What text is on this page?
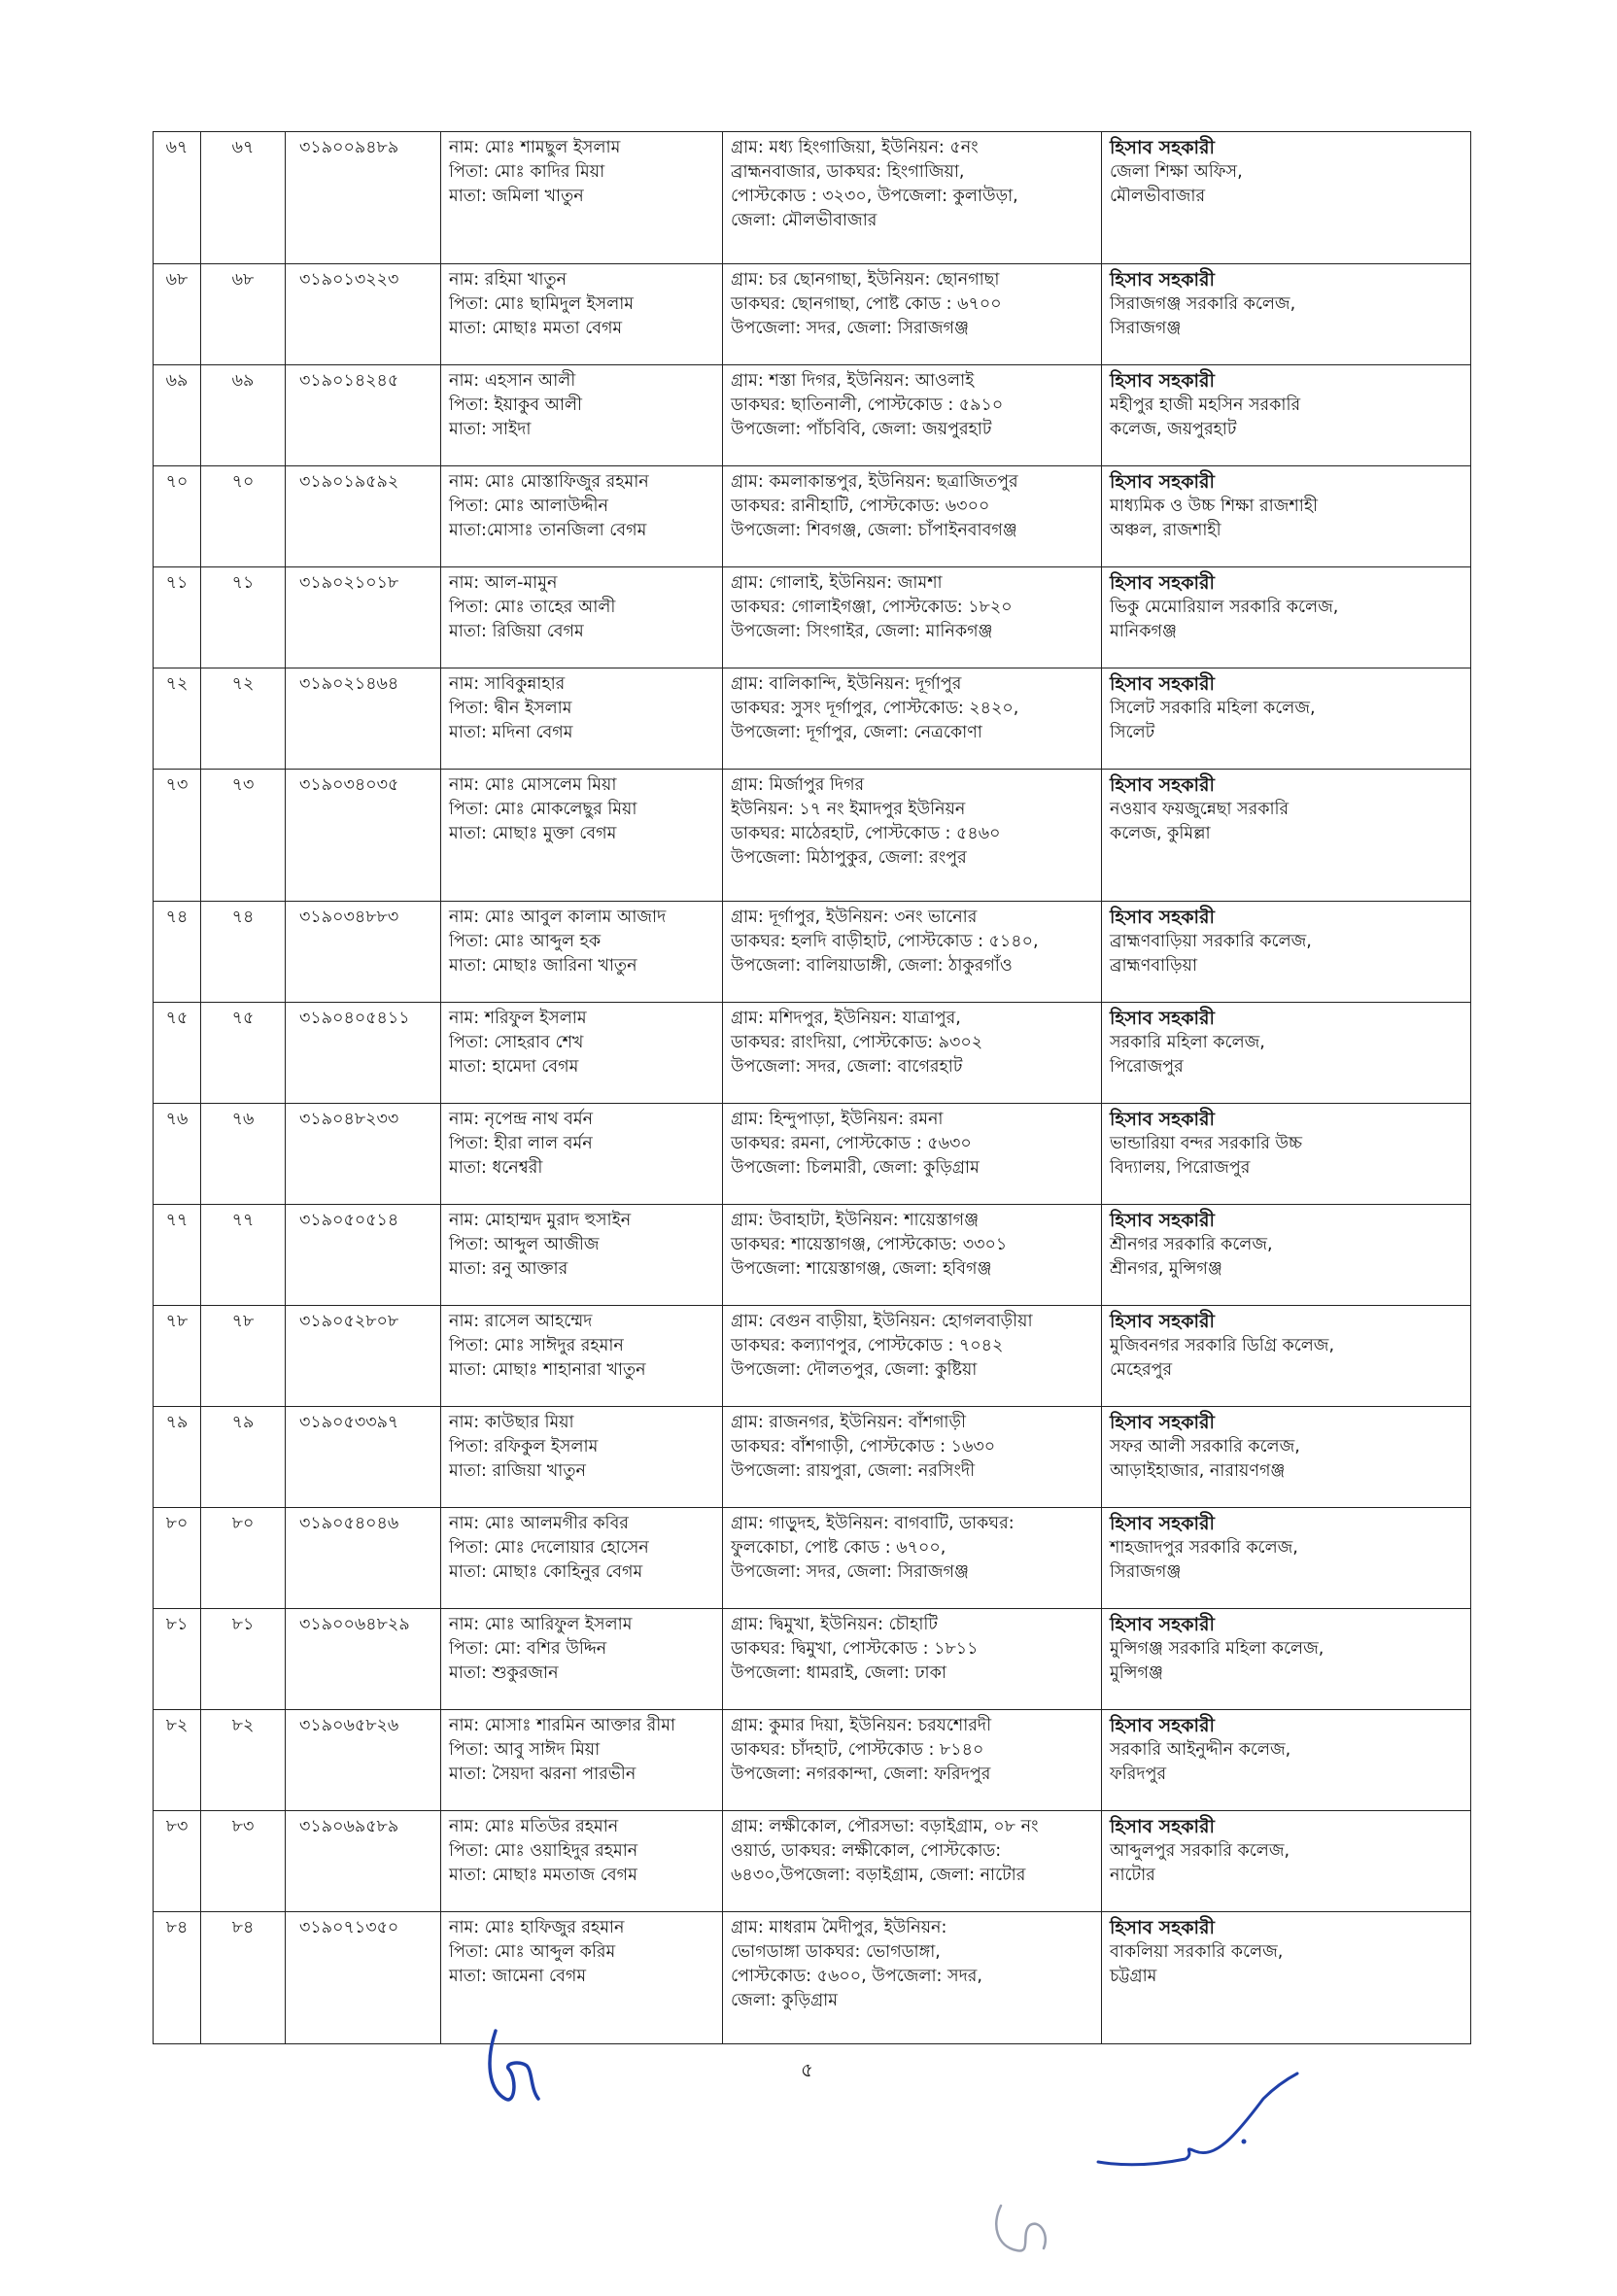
৬৭	৬৭	৩১৯০০৯৪৮৯	নাম: মোঃ শামছুল ইসলাম
পিতা: মোঃ কাদির মিয়া
মাতা: জমিলা খাতুন	গ্রাম: মধ্য হিংগাজিয়া, ইউনিয়ন: ৫নং
ব্রাহ্মনবাজার, ডাকঘর: হিংগাজিয়া,
পোস্টকোড : ৩২৩০, উপজেলা: কুলাউড়া,
জেলা: মৌলভীবাজার	হিসাব সহকারী
জেলা শিক্ষা অফিস,
মৌলভীবাজার

৬৮	৬৮	৩১৯০১৩২২৩	নাম: রহিমা খাতুন
পিতা: মোঃ ছামিদুল ইসলাম
মাতা: মোছাঃ মমতা বেগম	গ্রাম: চর ছোনগাছা, ইউনিয়ন: ছোনগাছা
ডাকঘর: ছোনগাছা, পোষ্ট কোড : ৬৭০০
উপজেলা: সদর, জেলা: সিরাজগঞ্জ	হিসাব সহকারী
সিরাজগঞ্জ সরকারি কলেজ,
সিরাজগঞ্জ

৬৯	৬৯	৩১৯০১৪২৪৫	নাম: এহসান আলী
পিতা: ইয়াকুব আলী
মাতা: সাইদা	গ্রাম: শস্তা দিগর, ইউনিয়ন: আওলাই
ডাকঘর: ছাতিনালী, পোস্টকোড : ৫৯১০
উপজেলা: পাঁচবিবি, জেলা: জয়পুরহাট	হিসাব সহকারী
মহীপুর হাজী মহসিন সরকারি
কলেজ, জয়পুরহাট

৭০	৭০	৩১৯০১৯৫৯২	নাম: মোঃ মোস্তাফিজুর রহমান
পিতা: মোঃ আলাউদ্দীন
মাতা:মোসাঃ তানজিলা বেগম	গ্রাম: কমলাকান্তপুর, ইউনিয়ন: ছত্রাজিতপুর
ডাকঘর: রানীহাটি, পোস্টকোড: ৬৩০০
উপজেলা: শিবগঞ্জ, জেলা: চাঁপাইনবাবগঞ্জ	হিসাব সহকারী
মাধ্যমিক ও উচ্চ শিক্ষা রাজশাহী
অঞ্চল, রাজশাহী

৭১	৭১	৩১৯০২১০১৮	নাম: আল-মামুন
পিতা: মোঃ তাহের আলী
মাতা: রিজিয়া বেগম	গ্রাম: গোলাই, ইউনিয়ন: জামশা
ডাকঘর: গোলাইগঞ্জা, পোস্টকোড: ১৮২০
উপজেলা: সিংগাইর, জেলা: মানিকগঞ্জ	হিসাব সহকারী
ভিকু মেমোরিয়াল সরকারি কলেজ,
মানিকগঞ্জ

৭২	৭২	৩১৯০২১৪৬৪	নাম: সাবিকুন্নাহার
পিতা: দ্বীন ইসলাম
মাতা: মদিনা বেগম	গ্রাম: বালিকান্দি, ইউনিয়ন: দূর্গাপুর
ডাকঘর: সুসং দূর্গাপুর, পোস্টকোড: ২৪২০,
উপজেলা: দূর্গাপুর, জেলা: নেত্রকোণা	হিসাব সহকারী
সিলেট সরকারি মহিলা কলেজ,
সিলেট

৭৩	৭৩	৩১৯০৩৪০৩৫	নাম: মোঃ মোসলেম মিয়া
পিতা: মোঃ মোকলেছুর মিয়া
মাতা: মোছাঃ মুক্তা বেগম	গ্রাম: মির্জাপুর দিগর
ইউনিয়ন: ১৭ নং ইমাদপুর ইউনিয়ন
ডাকঘর: মাঠেরহাট, পোস্টকোড : ৫৪৬০
উপজেলা: মিঠাপুকুর, জেলা: রংপুর	হিসাব সহকারী
নওয়াব ফয়জুন্নেছা সরকারি
কলেজ, কুমিল্লা

৭৪	৭৪	৩১৯০৩৪৮৮৩	নাম: মোঃ আবুল কালাম আজাদ
পিতা: মোঃ আব্দুল হক
মাতা: মোছাঃ জারিনা খাতুন	গ্রাম: দূর্গাপুর, ইউনিয়ন: ৩নং ভানোর
ডাকঘর: হলদি বাড়ীহাট, পোস্টকোড : ৫১৪০,
উপজেলা: বালিয়াডাঙ্গী, জেলা: ঠাকুরগাঁও	হিসাব সহকারী
ব্রাহ্মণবাড়িয়া সরকারি কলেজ,
ব্রাহ্মণবাড়িয়া

৭৫	৭৫	৩১৯০৪০৫৪১১	নাম: শরিফুল ইসলাম
পিতা: সোহরাব শেখ
মাতা: হামেদা বেগম	গ্রাম: মশিদপুর, ইউনিয়ন: যাত্রাপুর,
ডাকঘর: রাংদিয়া, পোস্টকোড: ৯৩০২
উপজেলা: সদর, জেলা: বাগেরহাট	হিসাব সহকারী
সরকারি মহিলা কলেজ,
পিরোজপুর

৭৬	৭৬	৩১৯০৪৮২৩৩	নাম: নৃপেন্দ্র নাথ বর্মন
পিতা: হীরা লাল বর্মন
মাতা: ধনেশ্বরী	গ্রাম: হিন্দুপাড়া, ইউনিয়ন: রমনা
ডাকঘর: রমনা, পোস্টকোড : ৫৬৩০
উপজেলা: চিলমারী, জেলা: কুড়িগ্রাম	হিসাব সহকারী
ভান্ডারিয়া বন্দর সরকারি উচ্চ
বিদ্যালয়, পিরোজপুর

৭৭	৭৭	৩১৯০৫০৫১৪	নাম: মোহাম্মদ মুরাদ হুসাইন
পিতা: আব্দুল আজীজ
মাতা: রনু আক্তার	গ্রাম: উবাহাটা, ইউনিয়ন: শায়েস্তাগঞ্জ
ডাকঘর: শায়েস্তাগঞ্জ, পোস্টকোড: ৩৩০১
উপজেলা: শায়েস্তাগঞ্জ, জেলা: হবিগঞ্জ	হিসাব সহকারী
শ্রীনগর সরকারি কলেজ,
শ্রীনগর, মুন্সিগঞ্জ

৭৮	৭৮	৩১৯০৫২৮০৮	নাম: রাসেল আহম্মেদ
পিতা: মোঃ সাঈদুর রহমান
মাতা: মোছাঃ শাহানারা খাতুন	গ্রাম: বেগুন বাড়ীয়া, ইউনিয়ন: হোগলবাড়ীয়া
ডাকঘর: কল্যাণপুর, পোস্টকোড : ৭০৪২
উপজেলা: দৌলতপুর, জেলা: কুষ্টিয়া	হিসাব সহকারী
মুজিবনগর সরকারি ডিগ্রি কলেজ,
মেহেরপুর

৭৯	৭৯	৩১৯০৫৩৩৯৭	নাম: কাউছার মিয়া
পিতা: রফিকুল ইসলাম
মাতা: রাজিয়া খাতুন	গ্রাম: রাজনগর, ইউনিয়ন: বাঁশগাড়ী
ডাকঘর: বাঁশগাড়ী, পোস্টকোড : ১৬৩০
উপজেলা: রায়পুরা, জেলা: নরসিংদী	হিসাব সহকারী
সফর আলী সরকারি কলেজ,
আড়াইহাজার, নারায়ণগঞ্জ

৮০	৮০	৩১৯০৫৪০৪৬	নাম: মোঃ আলমগীর কবির
পিতা: মোঃ দেলোয়ার হোসেন
মাতা: মোছাঃ কোহিনুর বেগম	গ্রাম: গাড়ুদহ, ইউনিয়ন: বাগবাটি, ডাকঘর:
ফুলকোচা, পোষ্ট কোড : ৬৭০০,
উপজেলা: সদর, জেলা: সিরাজগঞ্জ	হিসাব সহকারী
শাহজাদপুর সরকারি কলেজ,
সিরাজগঞ্জ

৮১	৮১	৩১৯০০৬৪৮২৯	নাম: মোঃ আরিফুল ইসলাম
পিতা: মো: বশির উদ্দিন
মাতা: শুকুরজান	গ্রাম: দ্বিমুখা, ইউনিয়ন: চৌহাটি
ডাকঘর: দ্বিমুখা, পোস্টকোড : ১৮১১
উপজেলা: ধামরাই, জেলা: ঢাকা	হিসাব সহকারী
মুন্সিগঞ্জ সরকারি মহিলা কলেজ,
মুন্সিগঞ্জ

৮২	৮২	৩১৯০৬৫৮২৬	নাম: মোসাঃ শারমিন আক্তার রীমা
পিতা: আবু সাঈদ মিয়া
মাতা: সৈয়দা ঝরনা পারভীন	গ্রাম: কুমার দিয়া, ইউনিয়ন: চরযশোরদী
ডাকঘর: চাঁদহাট, পোস্টকোড : ৮১৪০
উপজেলা: নগরকান্দা, জেলা: ফরিদপুর	হিসাব সহকারী
সরকারি আইনুদ্দীন কলেজ,
ফরিদপুর

৮৩	৮৩	৩১৯০৬৯৫৮৯	নাম: মোঃ মতিউর রহমান
পিতা: মোঃ ওয়াহিদুর রহমান
মাতা: মোছাঃ মমতাজ বেগম	গ্রাম: লক্ষীকোল, পৌরসভা: বড়াইগ্রাম, ০৮ নং
ওয়ার্ড, ডাকঘর: লক্ষীকোল, পোস্টকোড:
৬৪৩০,উপজেলা: বড়াইগ্রাম, জেলা: নাটোর	হিসাব সহকারী
আব্দুলপুর সরকারি কলেজ,
নাটোর

৮৪	৮৪	৩১৯০৭১৩৫০	নাম: মোঃ হাফিজুর রহমান
পিতা: মোঃ আব্দুল করিম
মাতা: জামেনা বেগম	গ্রাম: মাধরাম মৈদীপুর, ইউনিয়ন:
ভোগডাঙ্গা ডাকঘর: ভোগডাঙ্গা,
পোস্টকোড: ৫৬০০, উপজেলা: সদর,
জেলা: কুড়িগ্রাম	হিসাব সহকারী
বাকলিয়া সরকারি কলেজ,
চট্টগ্রাম
৫
